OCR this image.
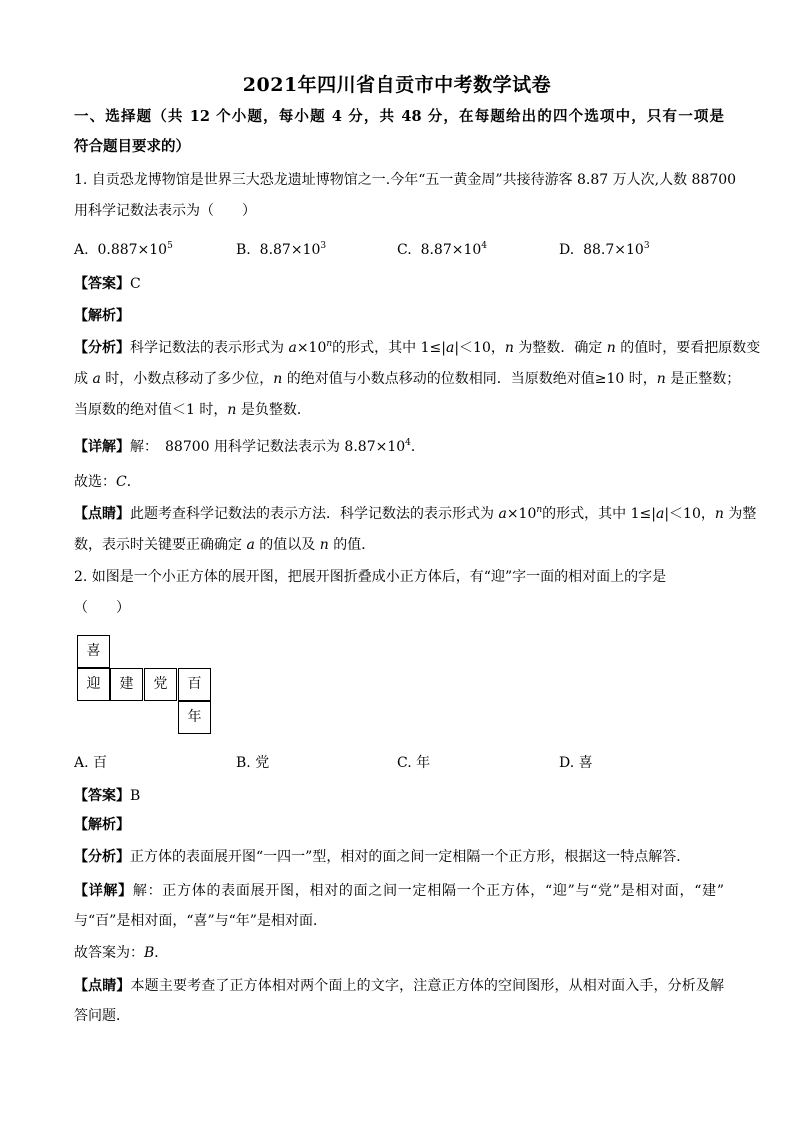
2021年四川省自贡市中考数学试卷
一、选择题（共 12 个小题，每小题 4 分，共 48 分，在每题给出的四个选项中，只有一项是
符合题目要求的）
1. 自贡恐龙博物馆是世界三大恐龙遗址博物馆之一.今年“五一黄金周”共接待游客 8.87 万人次,人数 88700
用科学记数法表示为（　　）
A. $0.887\times 10^5$	B. $8.87\times 10^3$	C. $8.87\times 10^4$	D. $88.7\times 10^3$
【答案】C
【解析】
【分析】科学记数法的表示形式为 $a\times 10^n$的形式，其中 1≤|a|＜10，n 为整数．确定 n 的值时，要看把原数变
成 a 时，小数点移动了多少位，n 的绝对值与小数点移动的位数相同．当原数绝对值≥10 时，n 是正整数；
当原数的绝对值＜1 时，n 是负整数．
【详解】解：　88700 用科学记数法表示为 $8.87\times 10^4$．
故选：C．
【点睛】此题考查科学记数法的表示方法．科学记数法的表示形式为 $a\times 10^n$的形式，其中 1≤|a|＜10，n 为整
数，表示时关键要正确确定 a 的值以及 n 的值．
2. 如图是一个小正方体的展开图，把展开图折叠成小正方体后，有“迎”字一面的相对面上的字是
（　　）
喜
迎	建	党	百
年
A. 百	B. 党	C. 年	D. 喜
【答案】B
【解析】
【分析】正方体的表面展开图“一四一”型，相对的面之间一定相隔一个正方形，根据这一特点解答．
【详解】解：正方体的表面展开图，相对的面之间一定相隔一个正方体，“迎”与“党”是相对面，“建”
与“百”是相对面，“喜”与“年”是相对面．
故答案为：B．
【点睛】本题主要考查了正方体相对两个面上的文字，注意正方体的空间图形，从相对面入手，分析及解
答问题．
